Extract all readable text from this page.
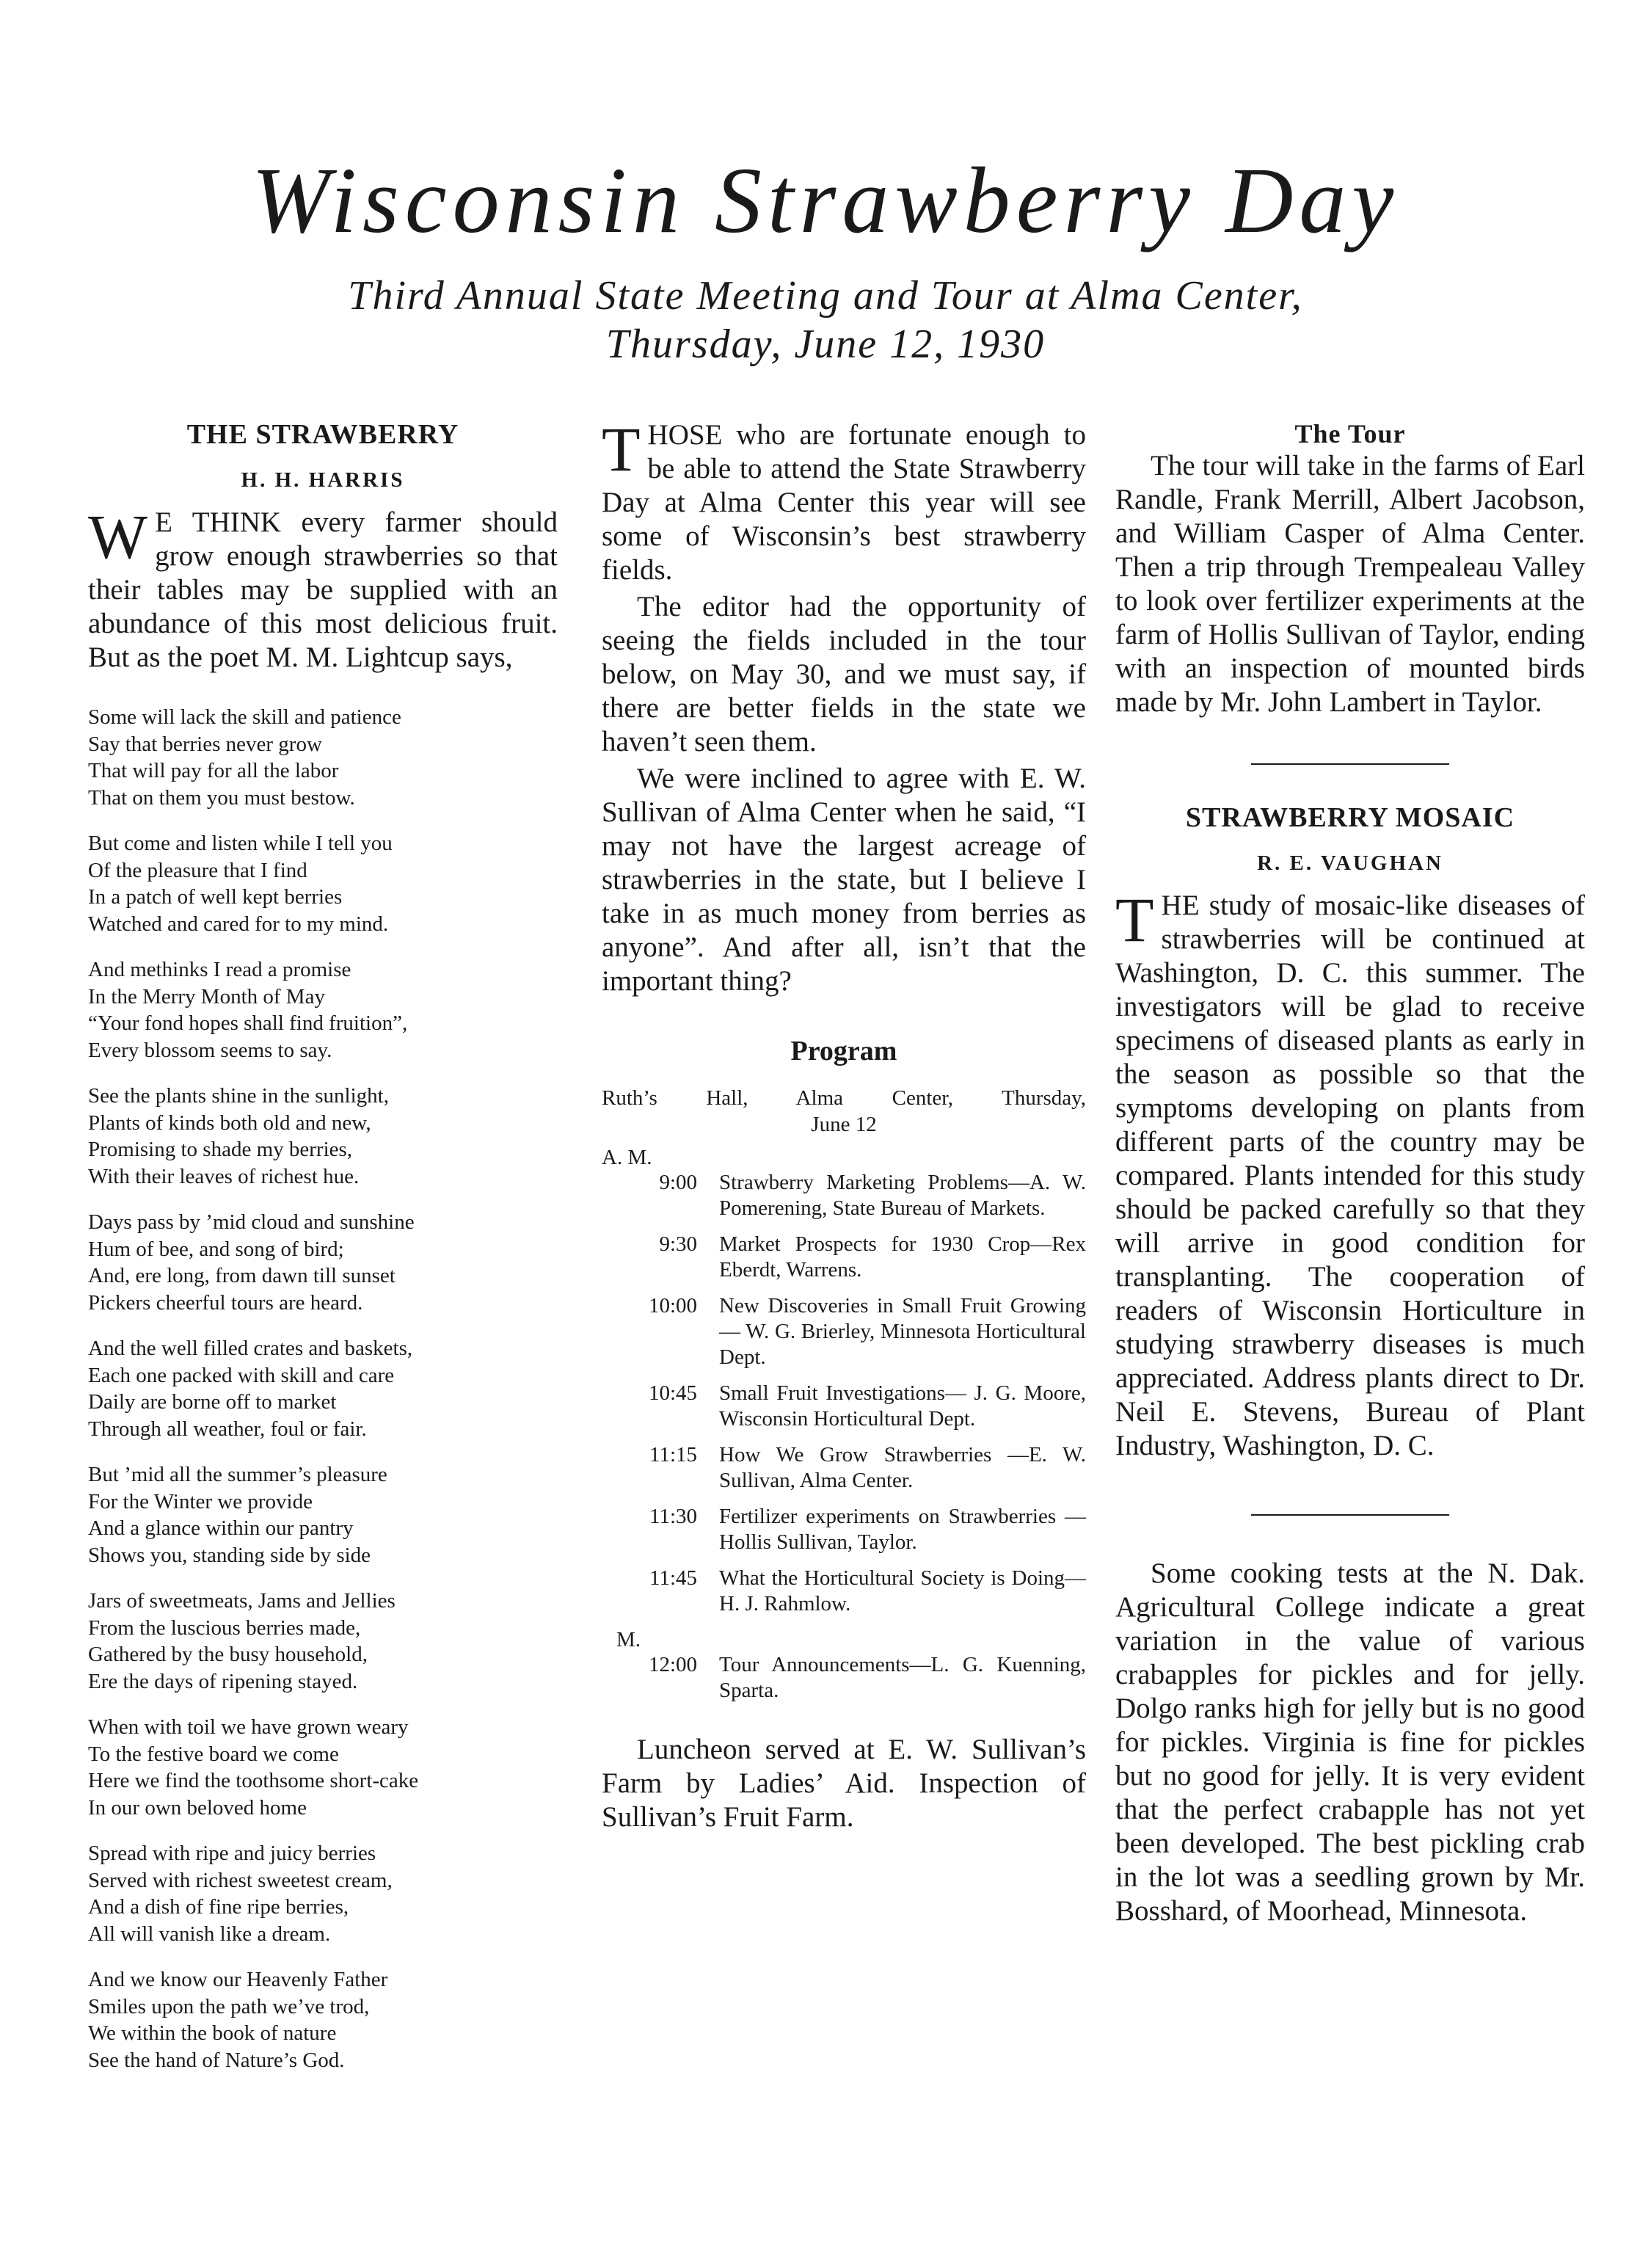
Wisconsin Strawberry Day
Third Annual State Meeting and Tour at Alma Center,
Thursday, June 12, 1930
THE STRAWBERRY
H. H. HARRIS

W E THINK every farmer should grow enough strawberries so that their tables may be supplied with an abundance of this most delicious fruit. But as the poet M. M. Lightcup says,

Some will lack the skill and patience
Say that berries never grow
That will pay for all the labor
That on them you must bestow.
But come and listen while I tell you
Of the pleasure that I find
In a patch of well kept berries
Watched and cared for to my mind.
And methinks I read a promise
In the Merry Month of May
“Your fond hopes shall find fruition”,
Every blossom seems to say.
See the plants shine in the sunlight,
Plants of kinds both old and new,
Promising to shade my berries,
With their leaves of richest hue.
Days pass by ’mid cloud and sunshine
Hum of bee, and song of bird;
And, ere long, from dawn till sunset
Pickers cheerful tours are heard.
And the well filled crates and baskets,
Each one packed with skill and care
Daily are borne off to market
Through all weather, foul or fair.
But ’mid all the summer’s pleasure
For the Winter we provide
And a glance within our pantry
Shows you, standing side by side
Jars of sweetmeats, Jams and Jellies
From the luscious berries made,
Gathered by the busy household,
Ere the days of ripening stayed.
When with toil we have grown weary
To the festive board we come
Here we find the toothsome short-cake
In our own beloved home
Spread with ripe and juicy berries
Served with richest sweetest cream,
And a dish of fine ripe berries,
All will vanish like a dream.
And we know our Heavenly Father
Smiles upon the path we’ve trod,
We within the book of nature
See the hand of Nature’s God.

THOSE who are fortunate enough to be able to attend the State Strawberry Day at Alma Center this year will see some of Wisconsin’s best strawberry fields.

The editor had the opportunity of seeing the fields included in the tour below, on May 30, and we must say, if there are better fields in the state we haven’t seen them.

We were inclined to agree with E. W. Sullivan of Alma Center when he said, “I may not have the largest acreage of strawberries in the state, but I believe I take in as much money from berries as anyone”. And after all, isn’t that the important thing?

Program
Ruth’s Hall, Alma Center, Thursday,
June 12
A. M.
9:00	Strawberry Marketing Problems—A. W. Pomerening, State Bureau of Markets.
9:30	Market Prospects for 1930 Crop—Rex Eberdt, Warrens.
10:00	New Discoveries in Small Fruit Growing — W. G. Brierley, Minnesota Horticultural Dept.
10:45	Small Fruit Investigations— J. G. Moore, Wisconsin Horticultural Dept.
11:15	How We Grow Strawberries —E. W. Sullivan, Alma Center.
11:30	Fertilizer experiments on Strawberries — Hollis Sullivan, Taylor.
11:45	What the Horticultural Society is Doing—H. J. Rahmlow.
M.
12:00	Tour Announcements—L. G. Kuenning, Sparta.

Luncheon served at E. W. Sullivan’s Farm by Ladies’ Aid. Inspection of Sullivan’s Fruit Farm.

The Tour

The tour will take in the farms of Earl Randle, Frank Merrill, Albert Jacobson, and William Casper of Alma Center. Then a trip through Trempealeau Valley to look over fertilizer experiments at the farm of Hollis Sullivan of Taylor, ending with an inspection of mounted birds made by Mr. John Lambert in Taylor.

STRAWBERRY MOSAIC
R. E. VAUGHAN

THE study of mosaic-like diseases of strawberries will be continued at Washington, D. C. this summer. The investigators will be glad to receive specimens of diseased plants as early in the season as possible so that the symptoms developing on plants from different parts of the country may be compared. Plants intended for this study should be packed carefully so that they will arrive in good condition for transplanting. The cooperation of readers of Wisconsin Horticulture in studying strawberry diseases is much appreciated. Address plants direct to Dr. Neil E. Stevens, Bureau of Plant Industry, Washington, D. C.

Some cooking tests at the N. Dak. Agricultural College indicate a great variation in the value of various crabapples for pickles and for jelly. Dolgo ranks high for jelly but is no good for pickles. Virginia is fine for pickles but no good for jelly. It is very evident that the perfect crabapple has not yet been developed. The best pickling crab in the lot was a seedling grown by Mr. Bosshard, of Moorhead, Minnesota.
